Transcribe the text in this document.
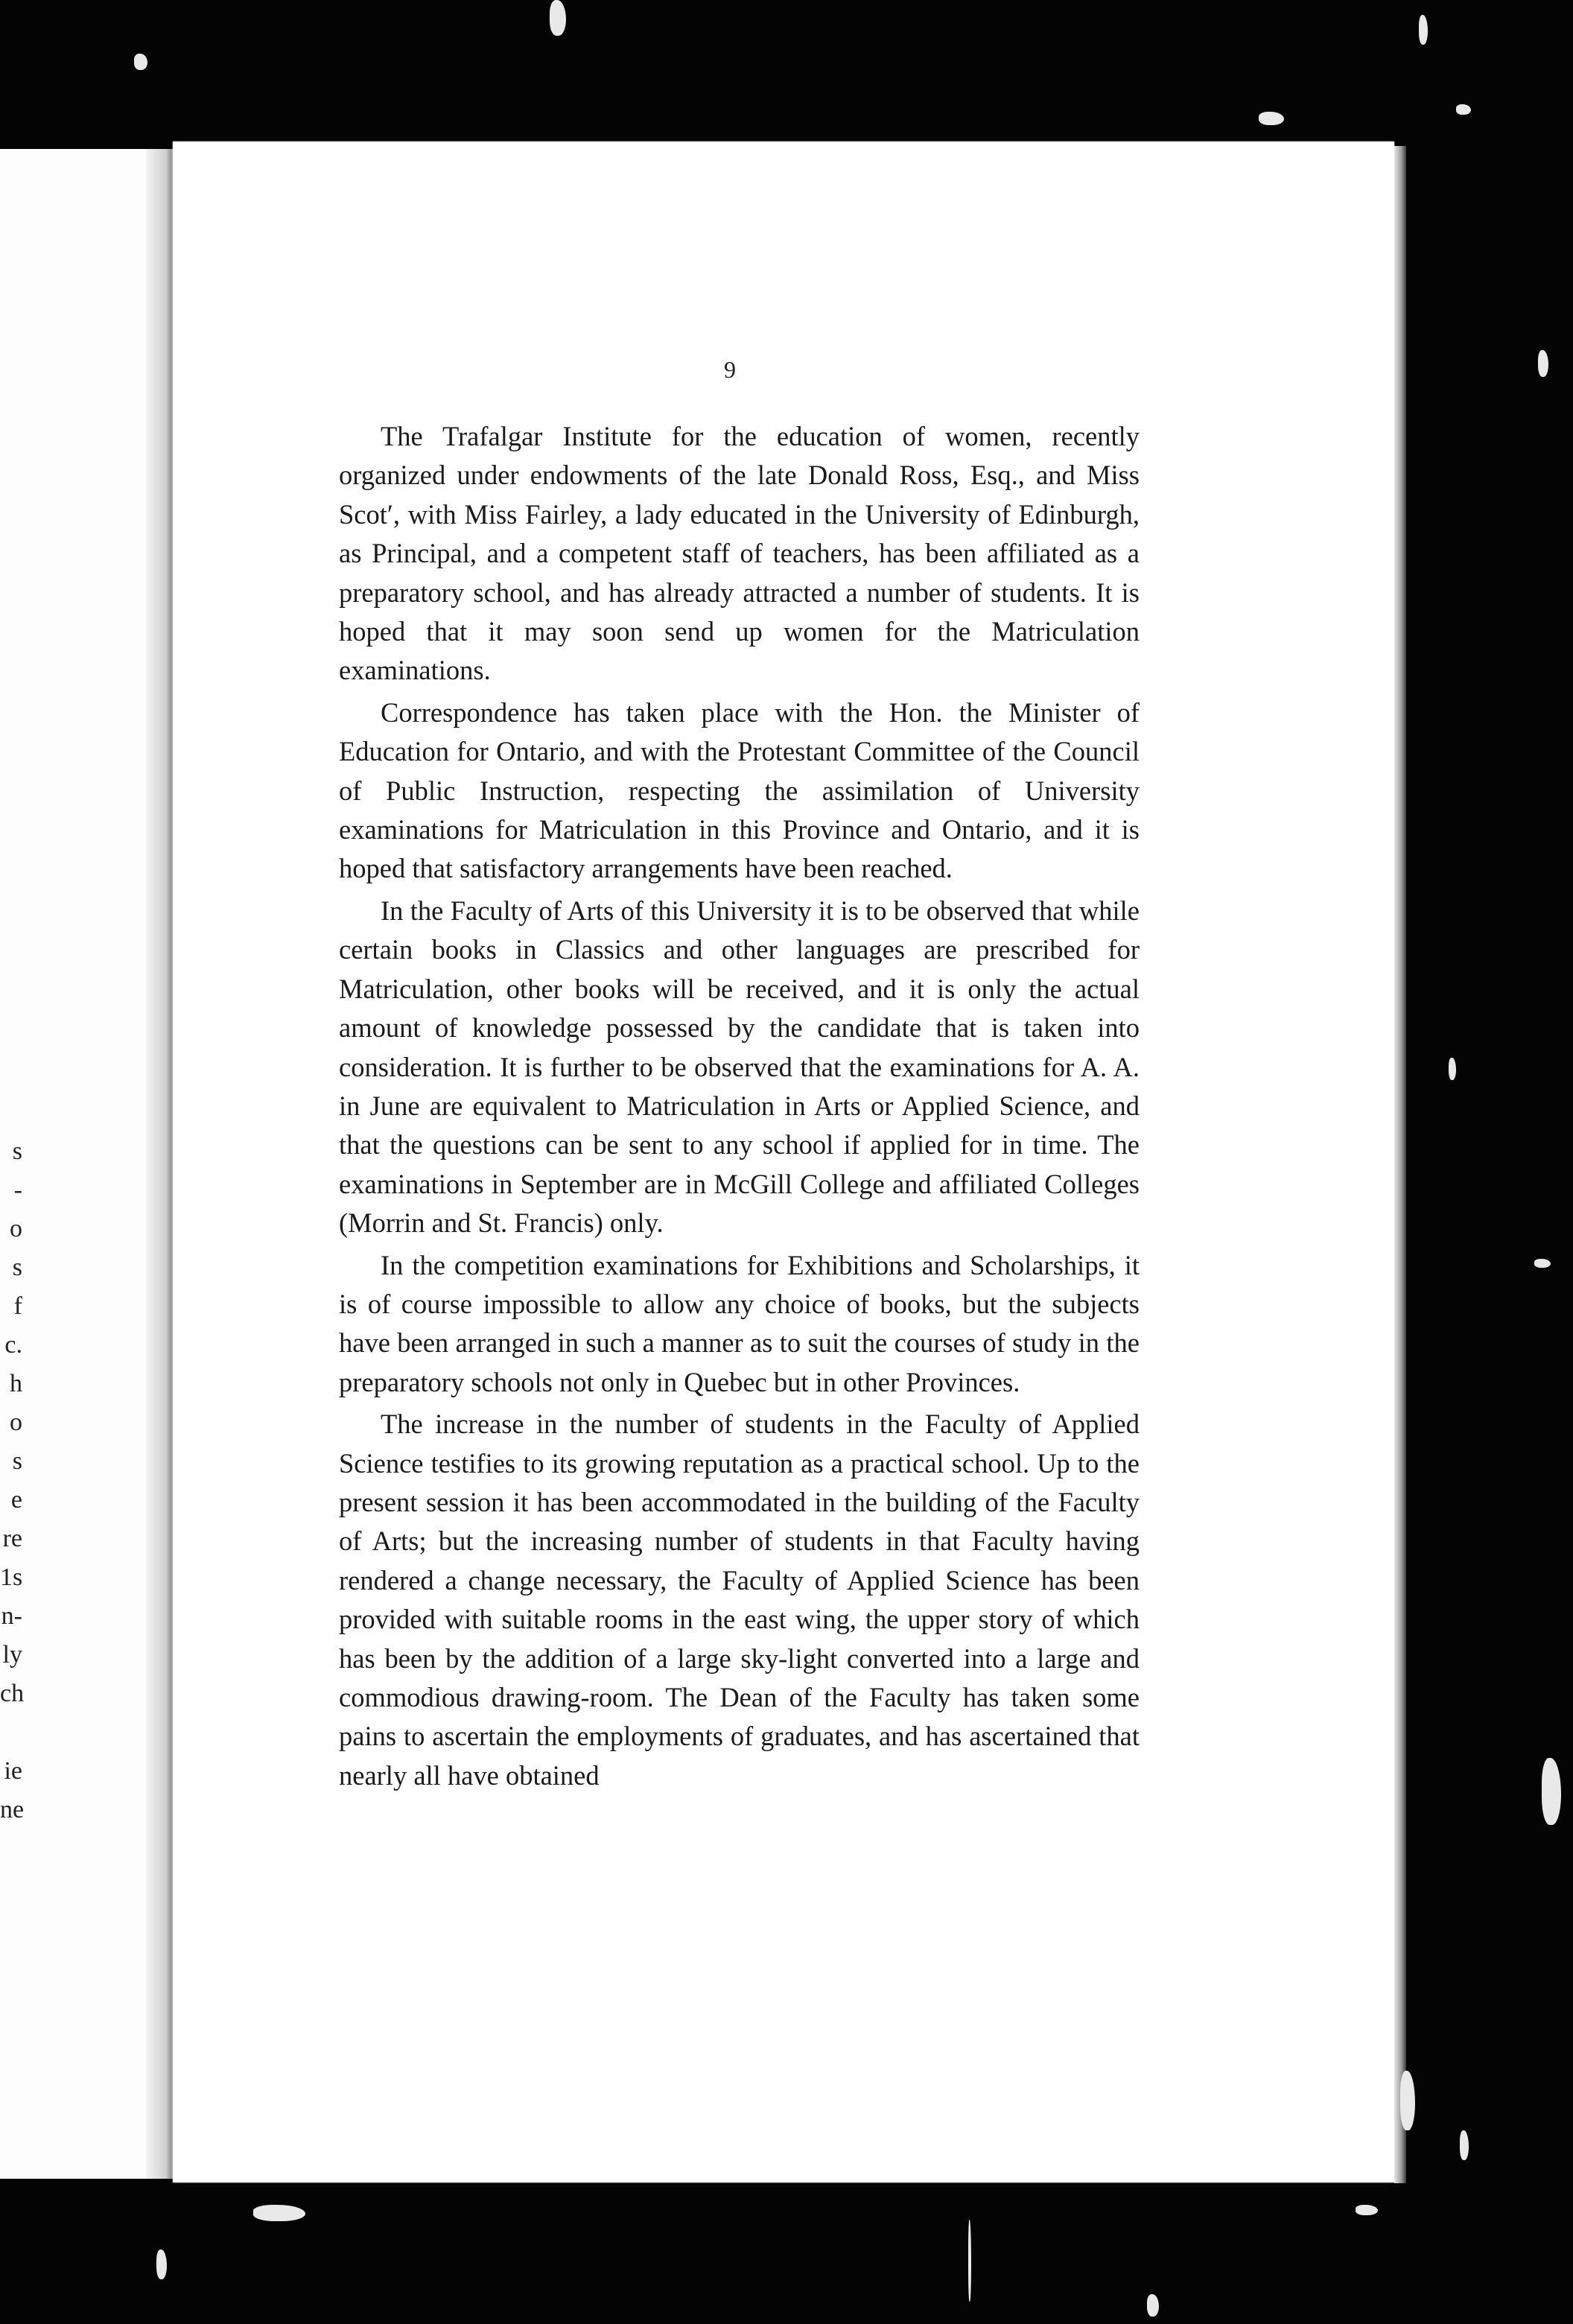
s
-
o
s
f
c.
h
o
s
e
re
1s
n-
ly
ch
ie
ne
9

The Trafalgar Institute for the education of women, recently organized under endowments of the late Donald Ross, Esq., and Miss Scot′, with Miss Fairley, a lady educated in the University of Edinburgh, as Principal, and a competent staff of teachers, has been affiliated as a preparatory school, and has already attracted a number of students. It is hoped that it may soon send up women for the Matriculation examinations.

Correspondence has taken place with the Hon. the Minister of Education for Ontario, and with the Protestant Committee of the Council of Public Instruction, respecting the assimilation of University examinations for Matriculation in this Province and Ontario, and it is hoped that satisfactory arrangements have been reached.

In the Faculty of Arts of this University it is to be observed that while certain books in Classics and other languages are prescribed for Matriculation, other books will be received, and it is only the actual amount of knowledge possessed by the candidate that is taken into consideration. It is further to be observed that the examinations for A. A. in June are equivalent to Matriculation in Arts or Applied Science, and that the questions can be sent to any school if applied for in time. The examinations in September are in McGill College and affiliated Colleges (Morrin and St. Francis) only.

In the competition examinations for Exhibitions and Scholarships, it is of course impossible to allow any choice of books, but the subjects have been arranged in such a manner as to suit the courses of study in the preparatory schools not only in Quebec but in other Provinces.

The increase in the number of students in the Faculty of Applied Science testifies to its growing reputation as a practical school. Up to the present session it has been accommodated in the building of the Faculty of Arts; but the increasing number of students in that Faculty having rendered a change necessary, the Faculty of Applied Science has been provided with suitable rooms in the east wing, the upper story of which has been by the addition of a large sky-light converted into a large and commodious drawing-room. The Dean of the Faculty has taken some pains to ascertain the employments of graduates, and has ascertained that nearly all have obtained
